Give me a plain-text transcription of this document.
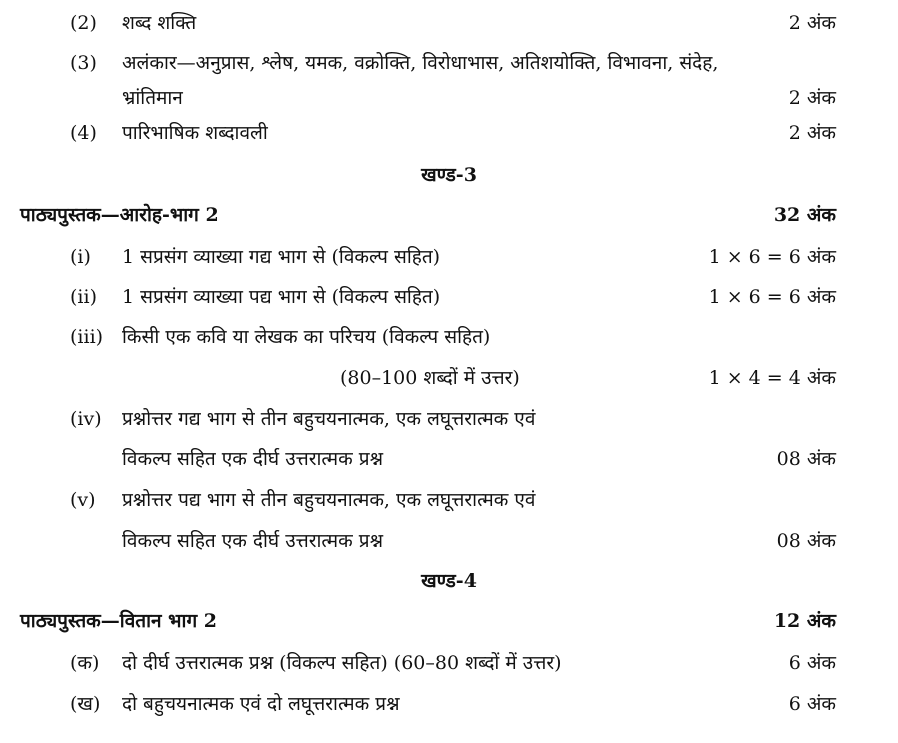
(2) शब्द शक्ति	2 अंक
(3) अलंकार—अनुप्रास, श्लेष, यमक, वक्रोक्ति, विरोधाभास, अतिशयोक्ति, विभावना, संदेह,
भ्रांतिमान	2 अंक
(4) पारिभाषिक शब्दावली	2 अंक
खण्ड-3
पाठ्यपुस्तक—आरोह-भाग 2	32 अंक
(i) 1 सप्रसंग व्याख्या गद्य भाग से (विकल्प सहित)	1 × 6 = 6 अंक
(ii) 1 सप्रसंग व्याख्या पद्य भाग से (विकल्प सहित)	1 × 6 = 6 अंक
(iii) किसी एक कवि या लेखक का परिचय (विकल्प सहित)
(80–100 शब्दों में उत्तर)	1 × 4 = 4 अंक
(iv) प्रश्नोत्तर गद्य भाग से तीन बहुचयनात्मक, एक लघूत्तरात्मक एवं
विकल्प सहित एक दीर्घ उत्तरात्मक प्रश्न	08 अंक
(v) प्रश्नोत्तर पद्य भाग से तीन बहुचयनात्मक, एक लघूत्तरात्मक एवं
विकल्प सहित एक दीर्घ उत्तरात्मक प्रश्न	08 अंक
खण्ड-4
पाठ्यपुस्तक—वितान भाग 2	12 अंक
(क) दो दीर्घ उत्तरात्मक प्रश्न (विकल्प सहित) (60–80 शब्दों में उत्तर)	6 अंक
(ख) दो बहुचयनात्मक एवं दो लघूत्तरात्मक प्रश्न	6 अंक
